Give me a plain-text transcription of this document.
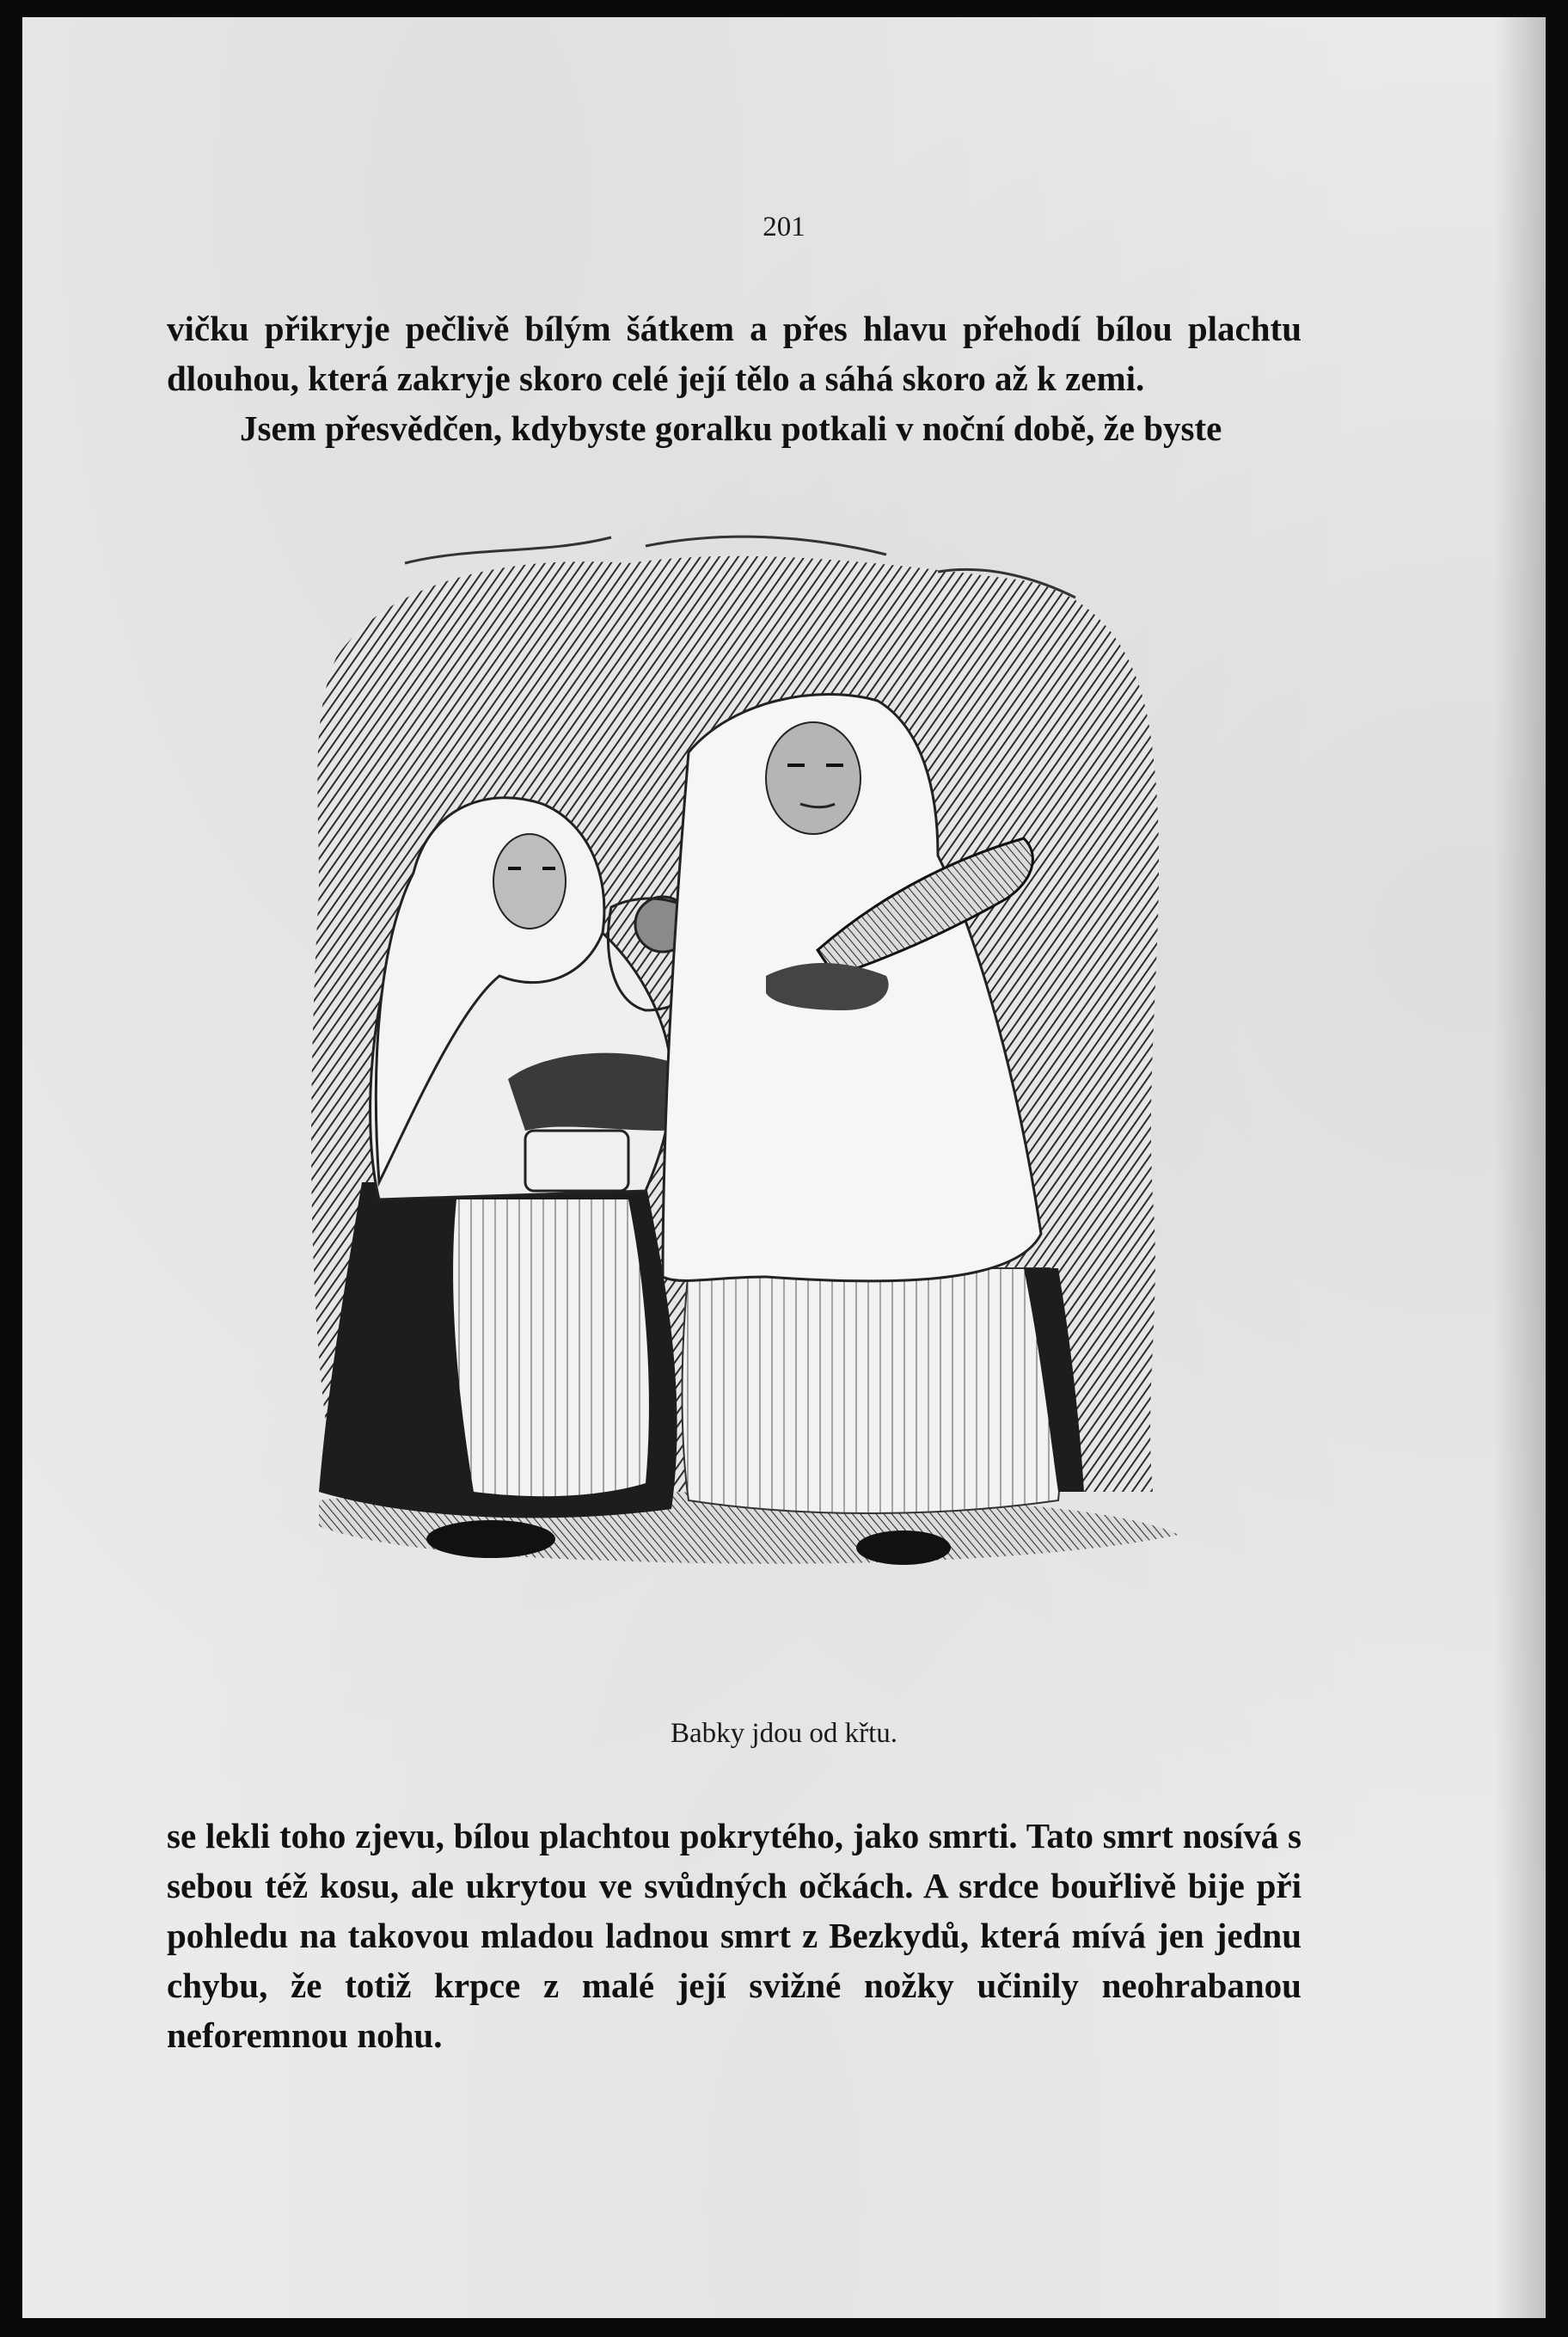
201

vičku přikryje pečlivě bílým šátkem a přes hlavu přehodí bílou plachtu dlouhou, která zakryje skoro celé její tělo a sáhá skoro až k zemi.

Jsem přesvědčen, kdybyste goralku potkali v noční době, že byste

Babky jdou od křtu.

se lekli toho zjevu, bílou plachtou pokrytého, jako smrti. Tato smrt nosívá s sebou též kosu, ale ukrytou ve svůdných očkách. A srdce bouřlivě bije při pohledu na takovou mladou ladnou smrt z Bezkydů, která mívá jen jednu chybu, že totiž krpce z malé její svižné nožky učinily neohrabanou neforemnou nohu.
